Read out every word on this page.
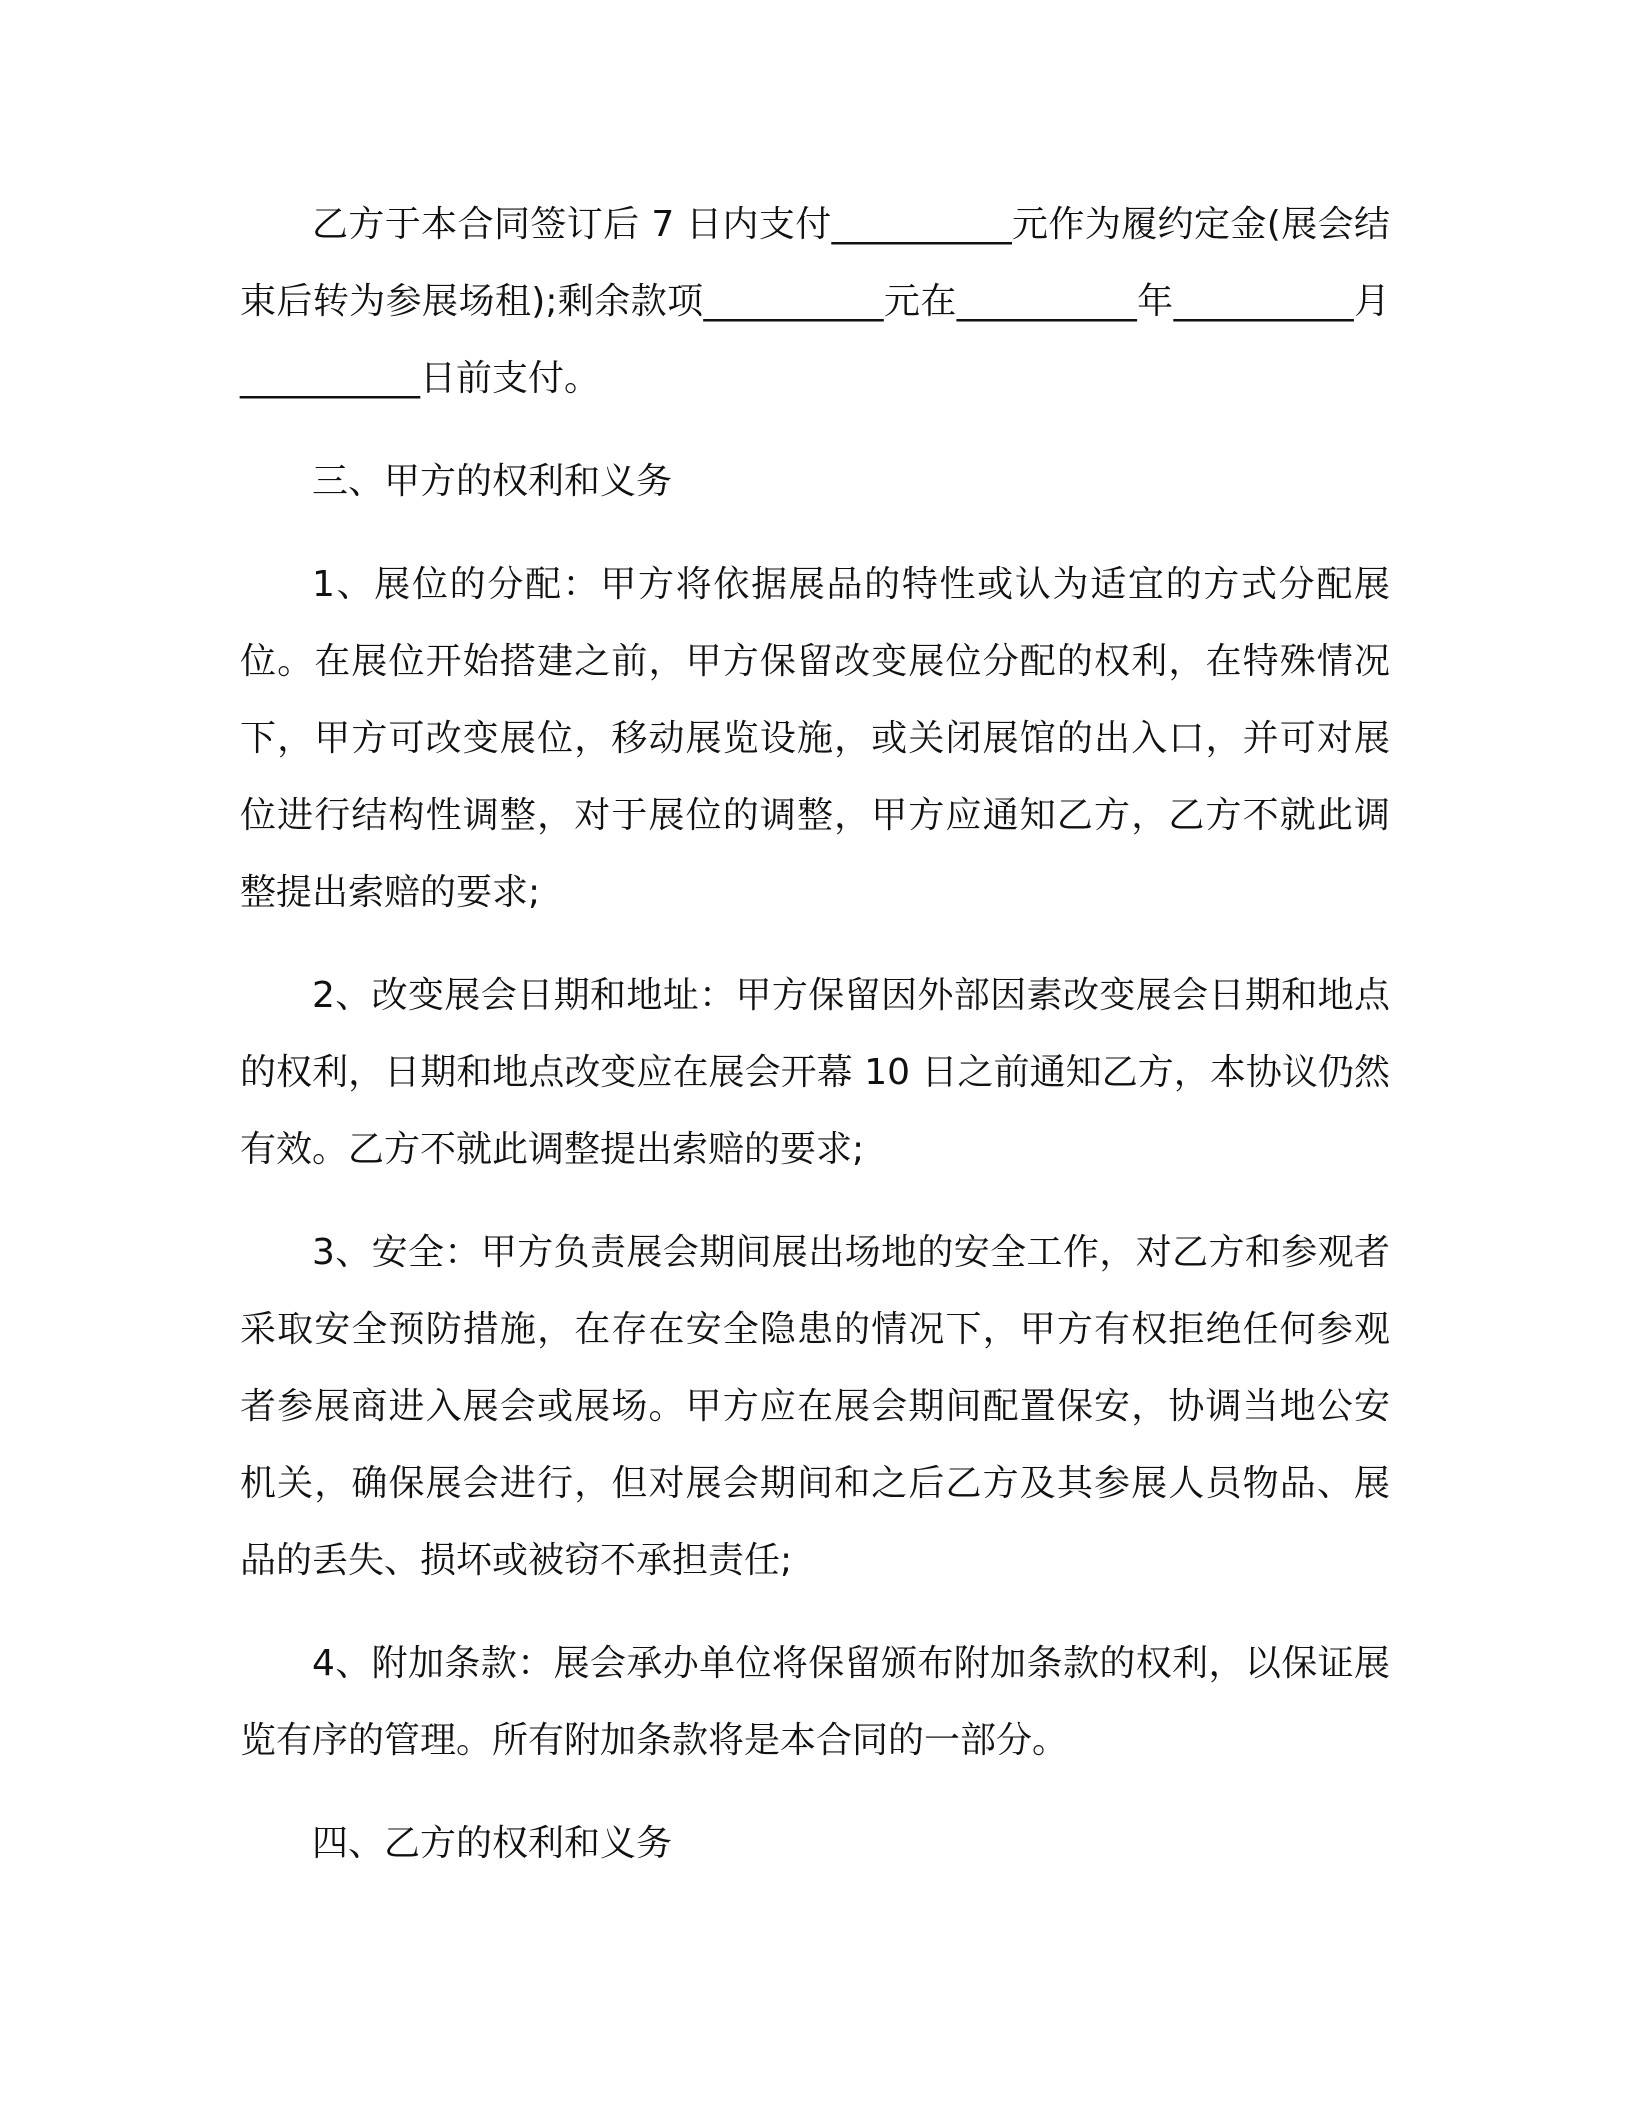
乙方于本合同签订后 7 日内支付__________元作为履约定金(展会结束后转为参展场租);剩余款项__________元在__________年__________月__________日前支付。

三、甲方的权利和义务

1、展位的分配：甲方将依据展品的特性或认为适宜的方式分配展位。在展位开始搭建之前，甲方保留改变展位分配的权利，在特殊情况下，甲方可改变展位，移动展览设施，或关闭展馆的出入口，并可对展位进行结构性调整，对于展位的调整，甲方应通知乙方，乙方不就此调整提出索赔的要求;

2、改变展会日期和地址：甲方保留因外部因素改变展会日期和地点的权利，日期和地点改变应在展会开幕 10 日之前通知乙方，本协议仍然有效。乙方不就此调整提出索赔的要求;

3、安全：甲方负责展会期间展出场地的安全工作，对乙方和参观者采取安全预防措施，在存在安全隐患的情况下，甲方有权拒绝任何参观者参展商进入展会或展场。甲方应在展会期间配置保安，协调当地公安机关，确保展会进行，但对展会期间和之后乙方及其参展人员物品、展品的丢失、损坏或被窃不承担责任;

4、附加条款：展会承办单位将保留颁布附加条款的权利，以保证展览有序的管理。所有附加条款将是本合同的一部分。

四、乙方的权利和义务
